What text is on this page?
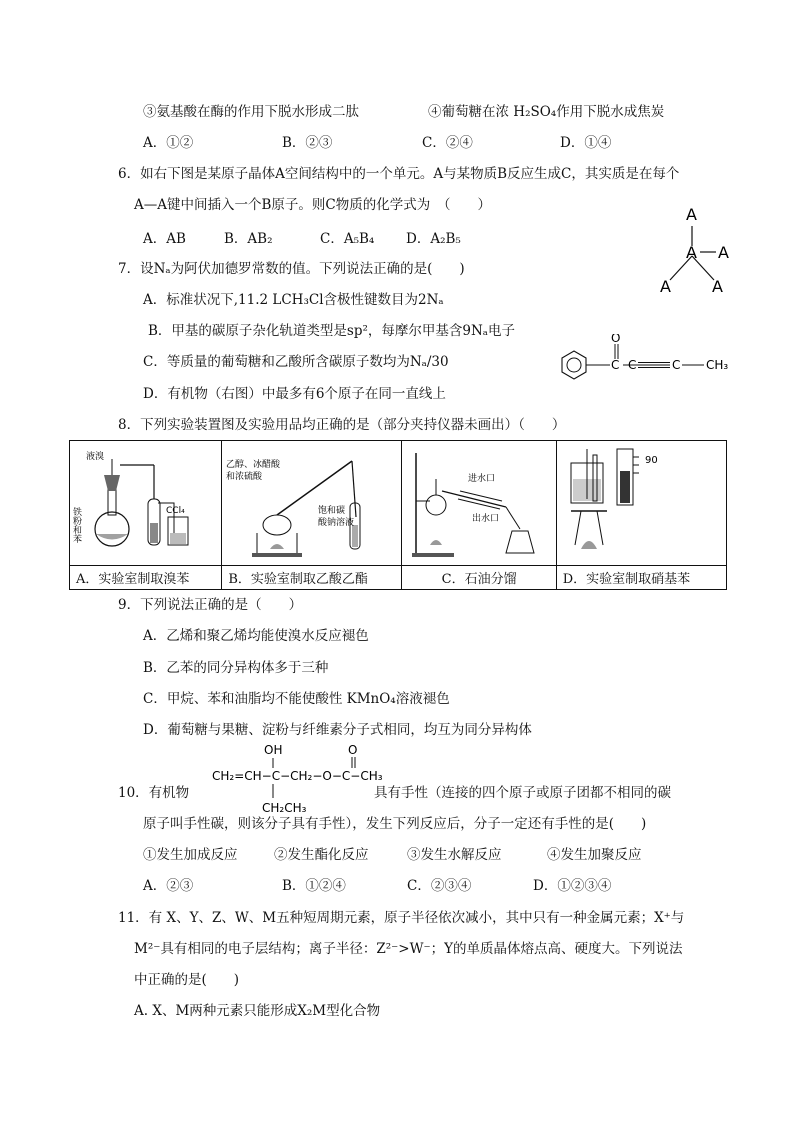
③氨基酸在酶的作用下脱水形成二肽	④葡萄糖在浓 H₂SO₄作用下脱水成焦炭
A．①②	B．②③	C．②④	D．①④
6．如右下图是某原子晶体A空间结构中的一个单元。A与某物质B反应生成C，其实质是在每个
A—A键中间插入一个B原子。则C物质的化学式为　（　　）
A．AB	B．AB₂	C．A₅B₄ D．A₂B₅
A
A A
A	A
7．设Nₐ为阿伏加德罗常数的值。下列说法正确的是(　　)
A．标准状况下,11.2 LCH₃Cl含极性键数目为2Nₐ
B．甲基的碳原子杂化轨道类型是sp²，每摩尔甲基含9Nₐ电子
C．等质量的葡萄糖和乙酸所含碳原子数均为Nₐ/30
D．有机物（右图）中最多有6个原子在同一直线上
O
C C	C CH₃
8．下列实验装置图及实验用品均正确的是（部分夹持仪器未画出）（　　）
液溴
铁粉和苯 CCl₄	乙醇、冰醋酸
和浓硫酸
饱和碳
酸钠溶液	进水口
出水口	90

A．实验室制取溴苯	B．实验室制取乙酸乙酯	C．石油分馏	D．实验室制取硝基苯
9．下列说法正确的是（　　）
A．乙烯和聚乙烯均能使溴水反应褪色
B．乙苯的同分异构体多于三种
C．甲烷、苯和油脂均不能使酸性 KMnO₄溶液褪色
D．葡萄糖与果糖、淀粉与纤维素分子式相同，均互为同分异构体
OH	O
CH₂=CH−C−CH₂−O−C−CH₃
CH₂CH₃
10．有机物	具有手性（连接的四个原子或原子团都不相同的碳
原子叫手性碳，则该分子具有手性），发生下列反应后，分子一定还有手性的是(　　)
①发生加成反应	②发生酯化反应	③发生水解反应	④发生加聚反应
A．②③	B．①②④	C．②③④	D．①②③④
11．有 X、Y、Z、W、M五种短周期元素，原子半径依次减小，其中只有一种金属元素；X⁺与
M²⁻具有相同的电子层结构；离子半径：Z²⁻>W⁻；Y的单质晶体熔点高、硬度大。下列说法
中正确的是(　　)
A. X、M两种元素只能形成X₂M型化合物
